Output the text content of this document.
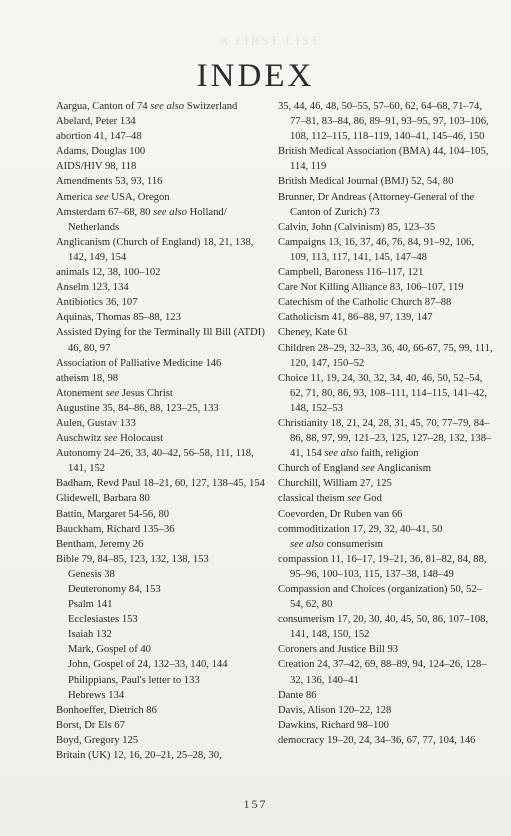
A FIRST LIST
INDEX
Aargua, Canton of 74 see also Switzerland
Abelard, Peter 134
abortion 41, 147–48
Adams, Douglas 100
AIDS/HIV 98, 118
Amendments 53, 93, 116
America see USA, Oregon
Amsterdam 67–68, 80 see also Holland/ Netherlands
Anglicanism (Church of England) 18, 21, 138, 142, 149, 154
animals 12, 38, 100–102
Anselm 123, 134
Antibiotics 36, 107
Aquinas, Thomas 85–88, 123
Assisted Dying for the Terminally Ill Bill (ATDI) 46, 80, 97
Association of Palliative Medicine 146
atheism 18, 98
Atonement see Jesus Christ
Augustine 35, 84–86, 88, 123–25, 133
Aulen, Gustav 133
Auschwitz see Holocaust
Autonomy 24–26, 33, 40–42, 56–58, 111, 118, 141, 152
Badham, Revd Paul 18–21, 60, 127, 138–45, 154
Glidewell, Barbara 80
Battin, Margaret 54-56, 80
Bauckham, Richard 135–36
Bentham, Jeremy 26
Bible 79, 84–85, 123, 132, 138, 153
Genesis 38
Deuteronomy 84, 153
Psalm 141
Ecclesiastes 153
Isaiah 132
Mark, Gospel of 40
John, Gospel of 24, 132–33, 140, 144
Philippians, Paul's letter to 133
Hebrews 134
Bonhoeffer, Dietrich 86
Borst, Dr Els 67
Boyd, Gregory 125
Britain (UK) 12, 16, 20–21, 25–28, 30,
35, 44, 46, 48, 50–55, 57–60, 62, 64–68, 71–74, 77–81, 83–84, 86, 89–91, 93–95, 97, 103–106, 108, 112–115, 118–119, 140–41, 145–46, 150
British Medical Association (BMA) 44, 104–105, 114, 119
British Medical Journal (BMJ) 52, 54, 80
Brunner, Dr Andreas (Attorney-General of the Canton of Zurich) 73
Calvin, John (Calvinism) 85, 123–35
Campaigns 13, 16, 37, 46, 76, 84, 91–92, 106, 109, 113, 117, 141, 145, 147–48
Campbell, Baroness 116–117, 121
Care Not Killing Alliance 83, 106–107, 119
Catechism of the Catholic Church 87–88
Catholicism 41, 86–88, 97, 139, 147
Cheney, Kate 61
Children 28–29, 32–33, 36, 40, 66-67, 75, 99, 111, 120, 147, 150–52
Choice 11, 19, 24, 30, 32, 34, 40, 46, 50, 52–54, 62, 71, 80, 86, 93, 108–111, 114–115, 141–42, 148, 152–53
Christianity 18, 21, 24, 28, 31, 45, 70, 77–79, 84–86, 88, 97, 99, 121–23, 125, 127–28, 132, 138–41, 154 see also faith, religion
Church of England see Anglicanism
Churchill, William 27, 125
classical theism see God
Coevorden, Dr Ruben van 66
commoditization 17, 29, 32, 40–41, 50
see also consumerism
compassion 11, 16–17, 19–21, 36, 81–82, 84, 88, 95–96, 100–103, 115, 137–38, 148–49
Compassion and Choices (organization) 50, 52–54, 62, 80
consumerism 17, 20, 30, 40, 45, 50, 86, 107–108, 141, 148, 150, 152
Coroners and Justice Bill 93
Creation 24, 37–42, 69, 88–89, 94, 124–26, 128–32, 136, 140–41
Dante 86
Davis, Alison 120–22, 128
Dawkins, Richard 98–100
democracy 19–20, 24, 34–36, 67, 77, 104, 146
157
